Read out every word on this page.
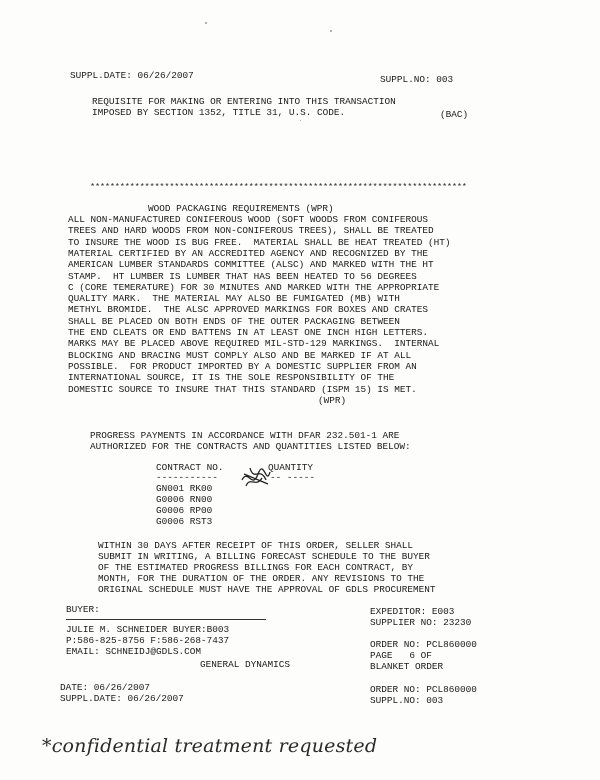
SUPPL.DATE: 06/26/2007	SUPPL.NO: 003
REQUISITE FOR MAKING OR ENTERING INTO THIS TRANSACTION
IMPOSED BY SECTION 1352, TITLE 31, U.S. CODE.	(BAC)
****************************************************************************
WOOD PACKAGING REQUIREMENTS (WPR)
ALL NON-MANUFACTURED CONIFEROUS WOOD (SOFT WOODS FROM CONIFEROUS
TREES AND HARD WOODS FROM NON-CONIFEROUS TREES), SHALL BE TREATED
TO INSURE THE WOOD IS BUG FREE.  MATERIAL SHALL BE HEAT TREATED (HT)
MATERIAL CERTIFIED BY AN ACCREDITED AGENCY AND RECOGNIZED BY THE
AMERICAN LUMBER STANDARDS COMMITTEE (ALSC) AND MARKED WITH THE HT
STAMP.  HT LUMBER IS LUMBER THAT HAS BEEN HEATED TO 56 DEGREES
C (CORE TEMERATURE) FOR 30 MINUTES AND MARKED WITH THE APPROPRIATE
QUALITY MARK.  THE MATERIAL MAY ALSO BE FUMIGATED (MB) WITH
METHYL BROMIDE.  THE ALSC APPROVED MARKINGS FOR BOXES AND CRATES
SHALL BE PLACED ON BOTH ENDS OF THE OUTER PACKAGING BETWEEN
THE END CLEATS OR END BATTENS IN AT LEAST ONE INCH HIGH LETTERS.
MARKS MAY BE PLACED ABOVE REQUIRED MIL-STD-129 MARKINGS.  INTERNAL
BLOCKING AND BRACING MUST COMPLY ALSO AND BE MARKED IF AT ALL
POSSIBLE.  FOR PRODUCT IMPORTED BY A DOMESTIC SUPPLIER FROM AN
INTERNATIONAL SOURCE, IT IS THE SOLE RESPONSIBILITY OF THE
DOMESTIC SOURCE TO INSURE THAT THIS STANDARD (ISPM 15) IS MET.
(WPR)
PROGRESS PAYMENTS IN ACCORDANCE WITH DFAR 232.501-1 ARE
AUTHORIZED FOR THE CONTRACTS AND QUANTITIES LISTED BELOW:
CONTRACT NO.	QUANTITY
-----------	-- -----
GN001 RK00
G0006 RN00
G0006 RP00
G0006 RST3
WITHIN 30 DAYS AFTER RECEIPT OF THIS ORDER, SELLER SHALL
SUBMIT IN WRITING, A BILLING FORECAST SCHEDULE TO THE BUYER
OF THE ESTIMATED PROGRESS BILLINGS FOR EACH CONTRACT, BY
MONTH, FOR THE DURATION OF THE ORDER. ANY REVISIONS TO THE
ORIGINAL SCHEDULE MUST HAVE THE APPROVAL OF GDLS PROCUREMENT
BUYER:
JULIE M. SCHNEIDER BUYER:B003
P:586-825-8756 F:586-268-7437
EMAIL: SCHNEIDJ@GDLS.COM
GENERAL DYNAMICS
DATE: 06/26/2007
SUPPL.DATE: 06/26/2007
EXPEDITOR: E003
SUPPLIER NO: 23230
ORDER NO: PCL860000
PAGE   6 OF
BLANKET ORDER
ORDER NO: PCL860000
SUPPL.NO: 003
*confidential treatment requested
